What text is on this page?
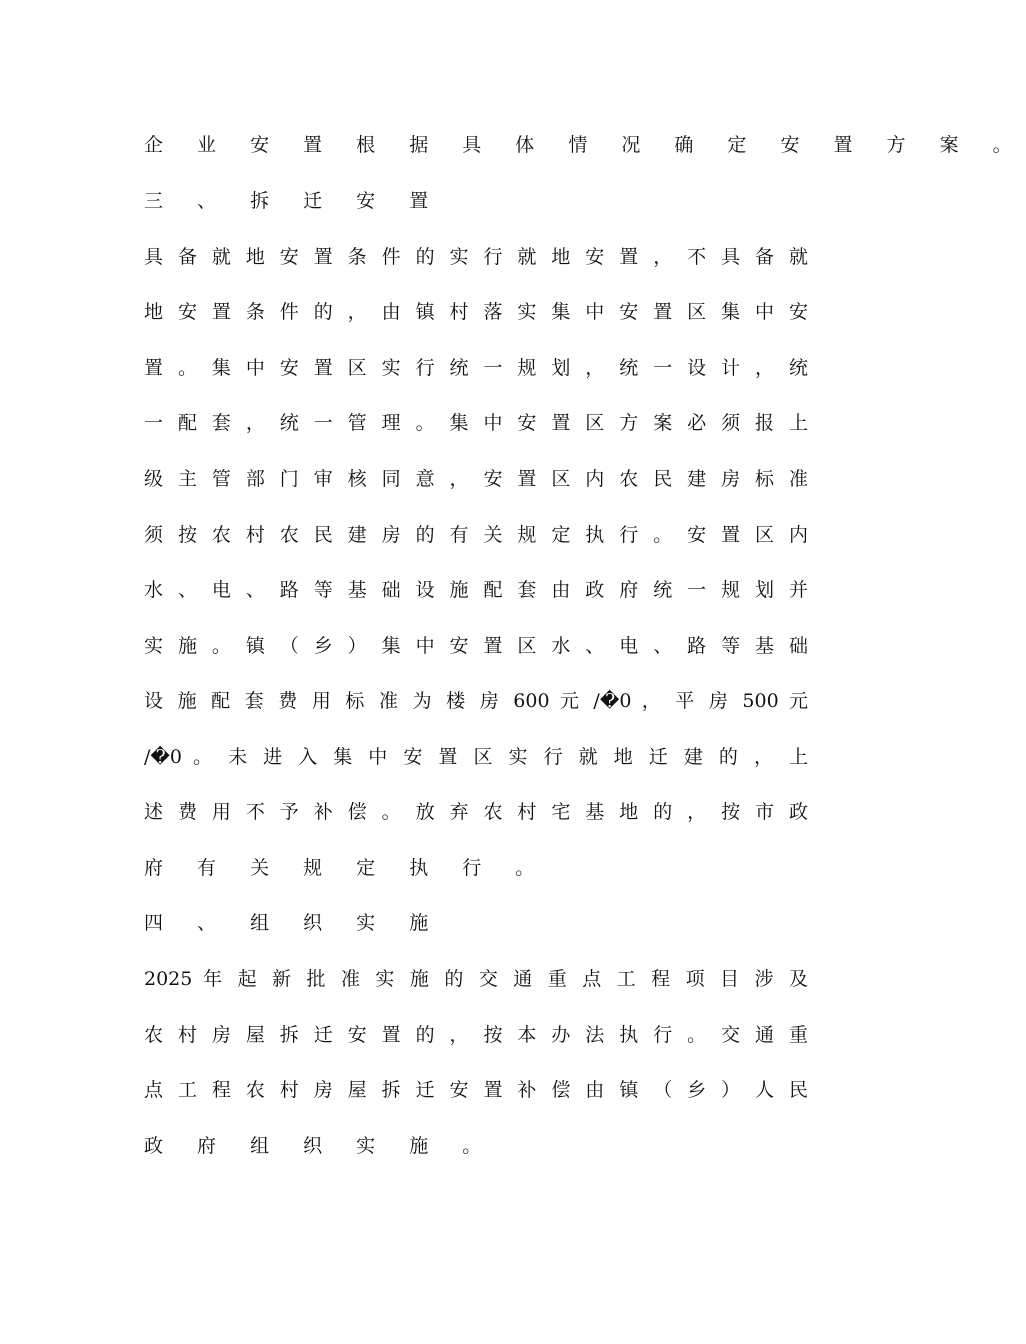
企 业 安 置 根 据 具 体 情 况 确 定 安 置 方 案 。
三 、 拆 迁 安 置
具 备 就 地 安 置 条 件 的 实 行 就 地 安 置 ， 不 具 备 就
地 安 置 条 件 的 ， 由 镇 村 落 实 集 中 安 置 区 集 中 安
置 。 集 中 安 置 区 实 行 统 一 规 划 ， 统 一 设 计 ， 统
一 配 套 ， 统 一 管 理 。 集 中 安 置 区 方 案 必 须 报 上
级 主 管 部 门 审 核 同 意 ， 安 置 区 内 农 民 建 房 标 准
须 按 农 村 农 民 建 房 的 有 关 规 定 执 行 。 安 置 区 内
水 、 电 、 路 等 基 础 设 施 配 套 由 政 府 统 一 规 划 并
实 施 。 镇 （ 乡 ） 集 中 安 置 区 水 、 电 、 路 等 基 础
设 施 配 套 费 用 标 准 为 楼 房 600 元 /�0 ， 平 房 500 元
/�0 。 未 进 入 集 中 安 置 区 实 行 就 地 迁 建 的 ， 上
述 费 用 不 予 补 偿 。 放 弃 农 村 宅 基 地 的 ， 按 市 政
府 有 关 规 定 执 行 。
四 、 组 织 实 施
2025 年 起 新 批 准 实 施 的 交 通 重 点 工 程 项 目 涉 及
农 村 房 屋 拆 迁 安 置 的 ， 按 本 办 法 执 行 。 交 通 重
点 工 程 农 村 房 屋 拆 迁 安 置 补 偿 由 镇 （ 乡 ） 人 民
政 府 组 织 实 施 。
